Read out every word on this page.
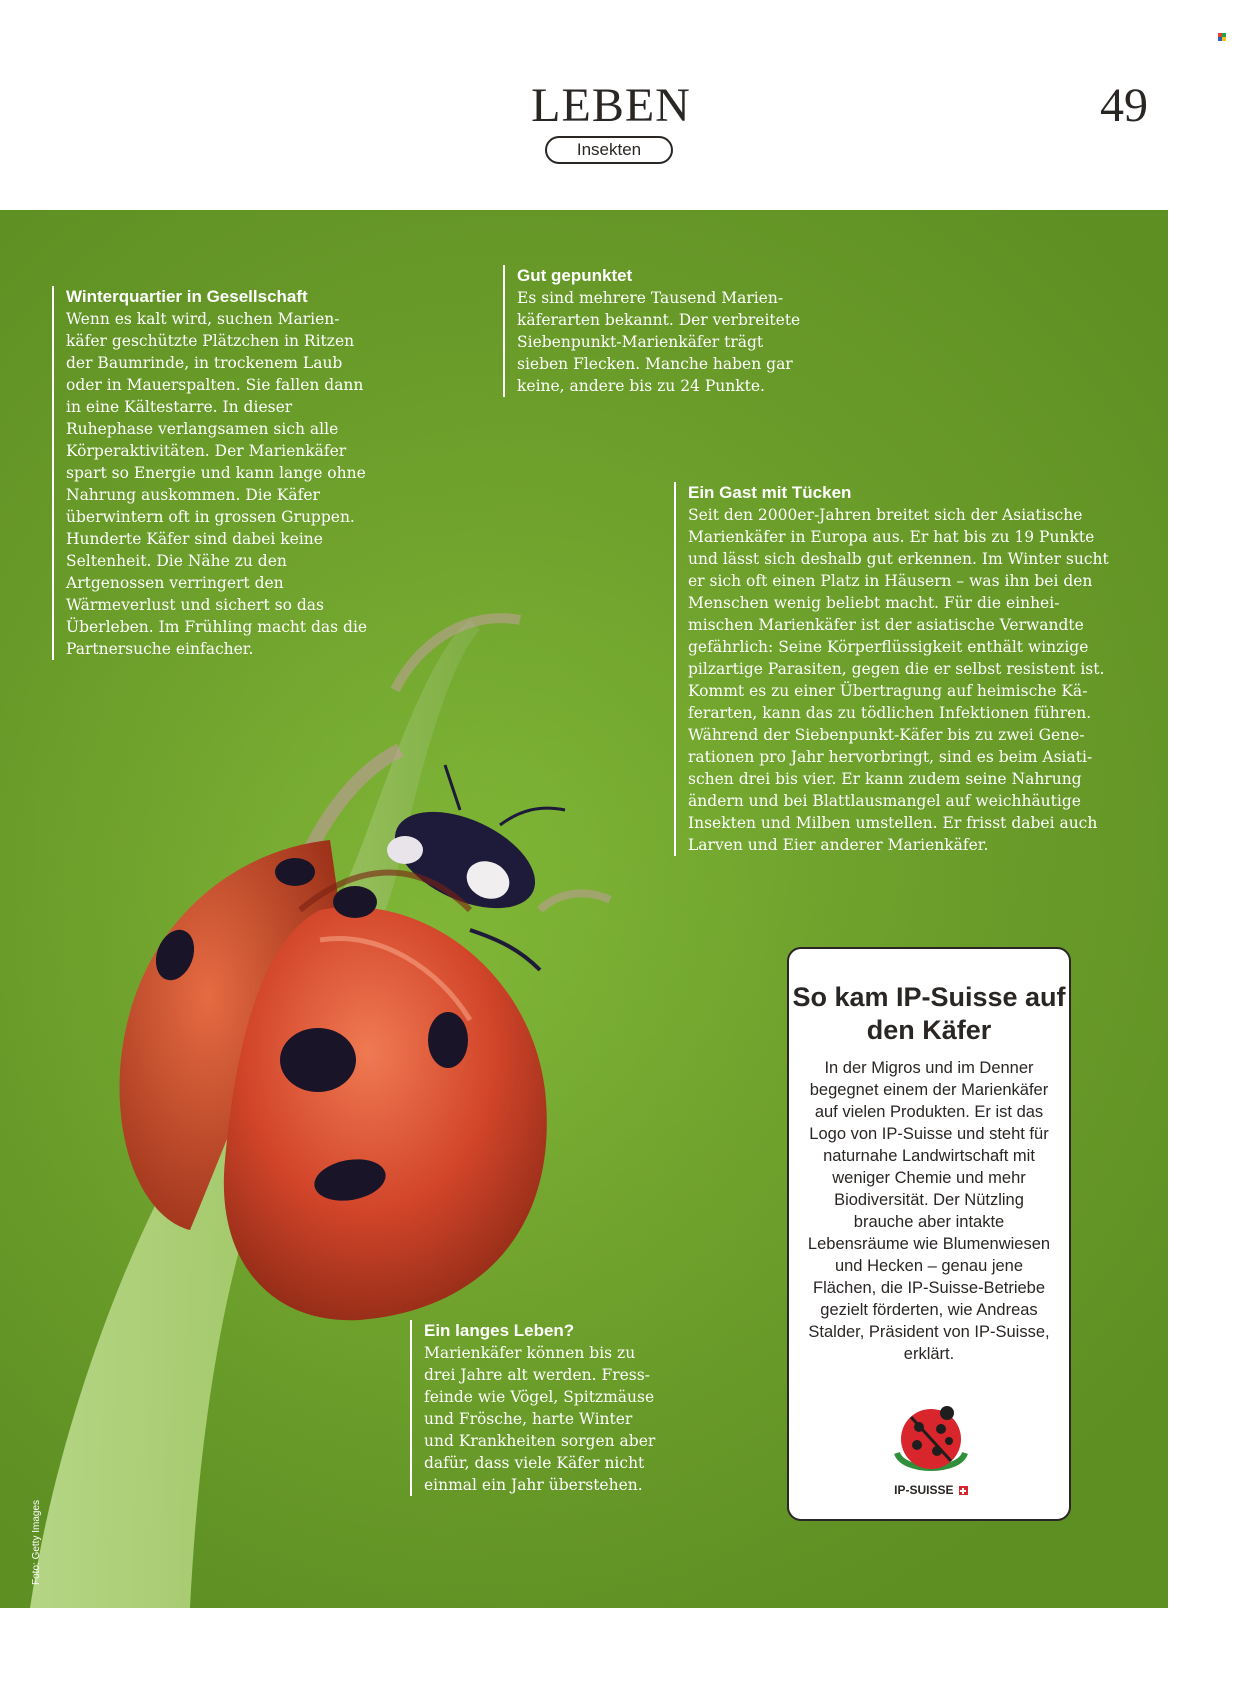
LEBEN
Insekten
49
Winterquartier in Gesellschaft

Wenn es kalt wird, suchen Marienkäfer geschützte Plätzchen in Ritzen der Baumrinde, in trockenem Laub oder in Mauerspalten. Sie fallen dann in eine Kältestarre. In dieser Ruhephase verlangsamen sich alle Körperaktivitäten. Der Marienkäfer spart so Energie und kann lange ohne Nahrung auskommen. Die Käfer überwintern oft in grossen Gruppen. Hunderte Käfer sind dabei keine Seltenheit. Die Nähe zu den Artgenossen verringert den Wärmeverlust und sichert so das Überleben. Im Frühling macht das die Partnersuche einfacher.

Gut gepunktet

Es sind mehrere Tausend Marienkäferarten bekannt. Der verbreitete Siebenpunkt-Marienkäfer trägt sieben Flecken. Manche haben gar keine, andere bis zu 24 Punkte.

Ein Gast mit Tücken

Seit den 2000er-Jahren breitet sich der Asiatische Marienkäfer in Europa aus. Er hat bis zu 19 Punkte und lässt sich deshalb gut erkennen. Im Winter sucht er sich oft einen Platz in Häusern – was ihn bei den Menschen wenig beliebt macht. Für die einheimischen Marienkäfer ist der asiatische Verwandte gefährlich: Seine Körperflüssigkeit enthält winzige pilzartige Parasiten, gegen die er selbst resistent ist. Kommt es zu einer Übertragung auf heimische Käferarten, kann das zu tödlichen Infektionen führen. Während der Siebenpunkt-Käfer bis zu zwei Generationen pro Jahr hervorbringt, sind es beim Asiatischen drei bis vier. Er kann zudem seine Nahrung ändern und bei Blattlausmangel auf weichhäutige Insekten und Milben umstellen. Er frisst dabei auch Larven und Eier anderer Marienkäfer.

Ein langes Leben?

Marienkäfer können bis zu drei Jahre alt werden. Fressfeinde wie Vögel, Spitzmäuse und Frösche, harte Winter und Krankheiten sorgen aber dafür, dass viele Käfer nicht einmal ein Jahr überstehen.

Foto: Getty Images
So kam IP-Suisse auf den Käfer

In der Migros und im Denner begegnet einem der Marienkäfer auf vielen Produkten. Er ist das Logo von IP-Suisse und steht für naturnahe Landwirtschaft mit weniger Chemie und mehr Biodiversität. Der Nützling brauche aber intakte Lebensräume wie Blumenwiesen und Hecken – genau jene Flächen, die IP-Suisse-Betriebe gezielt förderten, wie Andreas Stalder, Präsident von IP-Suisse, erklärt.

IP-SUISSE
